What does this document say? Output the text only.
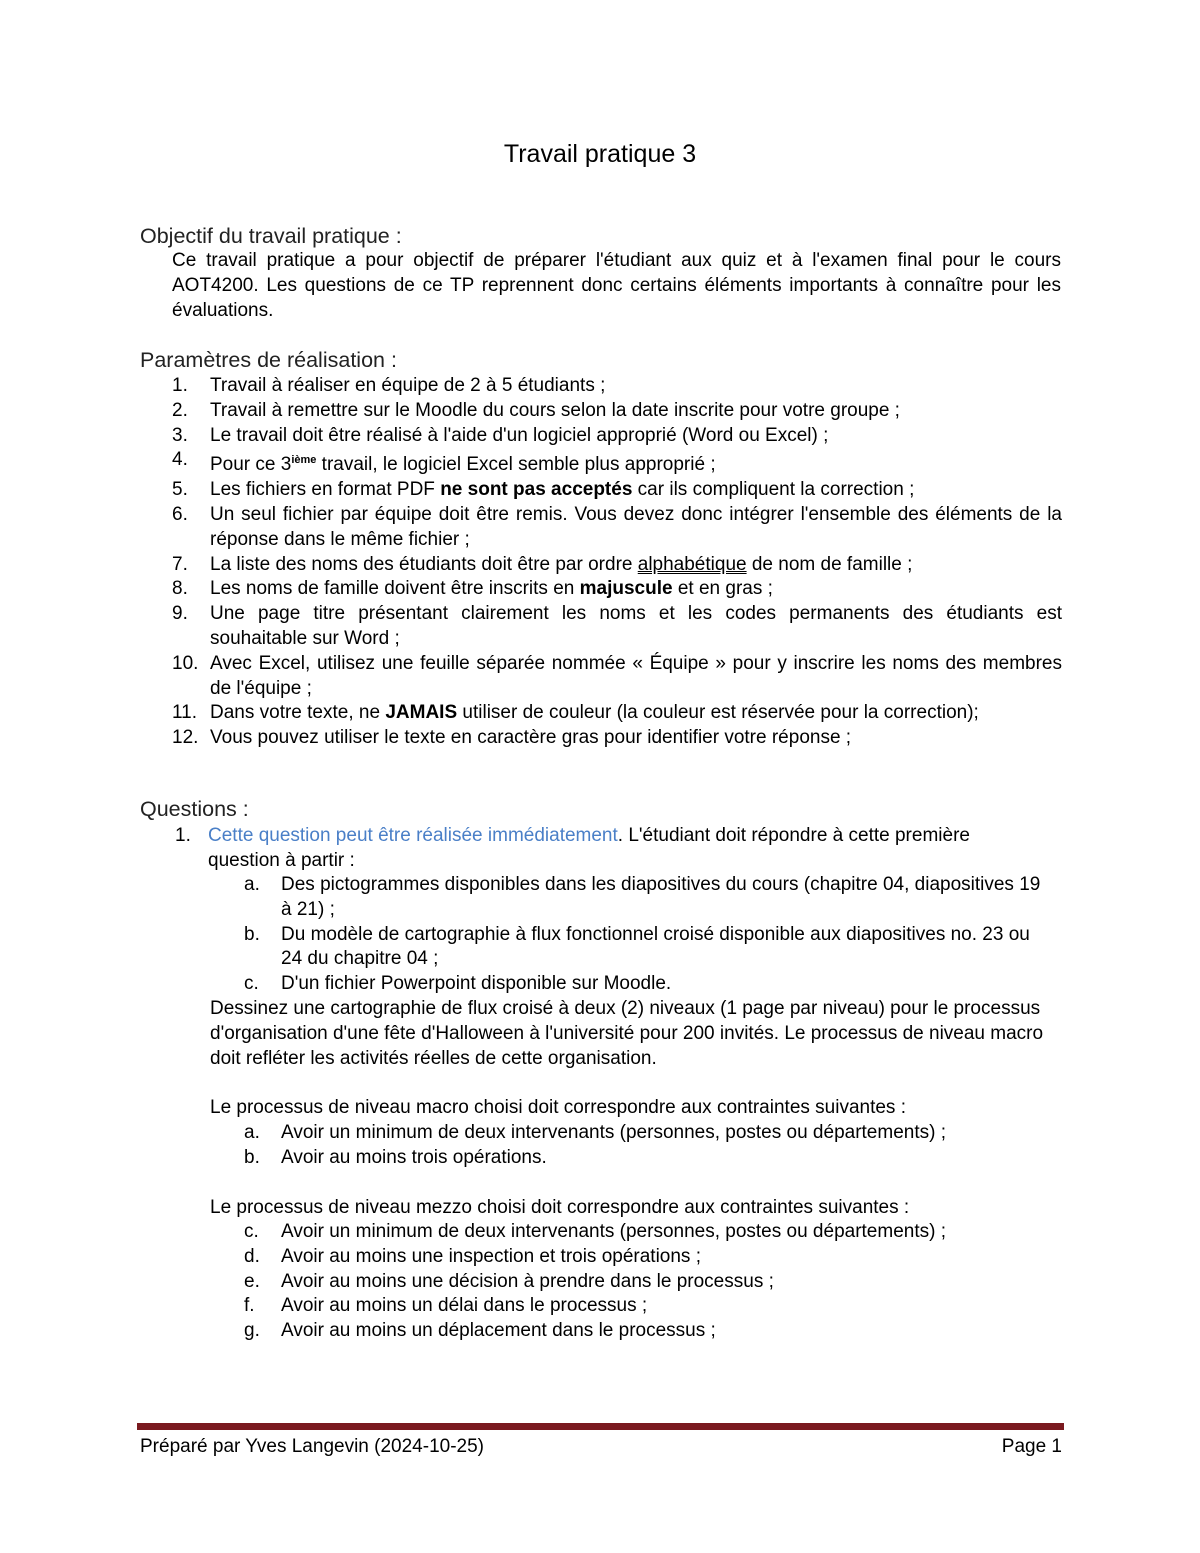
Travail pratique 3
Objectif du travail pratique :
Ce travail pratique a pour objectif de préparer l'étudiant aux quiz et à l'examen final pour le cours AOT4200. Les questions de ce TP reprennent donc certains éléments importants à connaître pour les évaluations.
Paramètres de réalisation :
1.	Travail à réaliser en équipe de 2 à 5 étudiants ;
2.	Travail à remettre sur le Moodle du cours selon la date inscrite pour votre groupe ;
3.	Le travail doit être réalisé à l'aide d'un logiciel approprié (Word ou Excel) ;
4.	Pour ce 3ième travail, le logiciel Excel semble plus approprié ;
5.	Les fichiers en format PDF ne sont pas acceptés car ils compliquent la correction ;
6.	Un seul fichier par équipe doit être remis. Vous devez donc intégrer l'ensemble des éléments de la réponse dans le même fichier ;
7.	La liste des noms des étudiants doit être par ordre alphabétique de nom de famille ;
8.	Les noms de famille doivent être inscrits en majuscule et en gras ;
9.	Une page titre présentant clairement les noms et les codes permanents des étudiants est souhaitable sur Word ;
10. Avec Excel, utilisez une feuille séparée nommée « Équipe » pour y inscrire les noms des membres de l'équipe ;
11. Dans votre texte, ne JAMAIS utiliser de couleur (la couleur est réservée pour la correction);
12. Vous pouvez utiliser le texte en caractère gras pour identifier votre réponse ;
Questions :
1. Cette question peut être réalisée immédiatement. L'étudiant doit répondre à cette première question à partir :
a. Des pictogrammes disponibles dans les diapositives du cours (chapitre 04, diapositives 19 à 21) ;
b. Du modèle de cartographie à flux fonctionnel croisé disponible aux diapositives no. 23 ou 24 du chapitre 04 ;
c. D'un fichier Powerpoint disponible sur Moodle.
Dessinez une cartographie de flux croisé à deux (2) niveaux (1 page par niveau) pour le processus d'organisation d'une fête d'Halloween à l'université pour 200 invités. Le processus de niveau macro doit refléter les activités réelles de cette organisation.
Le processus de niveau macro choisi doit correspondre aux contraintes suivantes :
a. Avoir un minimum de deux intervenants (personnes, postes ou départements) ;
b. Avoir au moins trois opérations.
Le processus de niveau mezzo choisi doit correspondre aux contraintes suivantes :
c. Avoir un minimum de deux intervenants (personnes, postes ou départements) ;
d. Avoir au moins une inspection et trois opérations ;
e. Avoir au moins une décision à prendre dans le processus ;
f.	Avoir au moins un délai dans le processus ;
g. Avoir au moins un déplacement dans le processus ;
Préparé par Yves Langevin (2024-10-25)	Page 1
